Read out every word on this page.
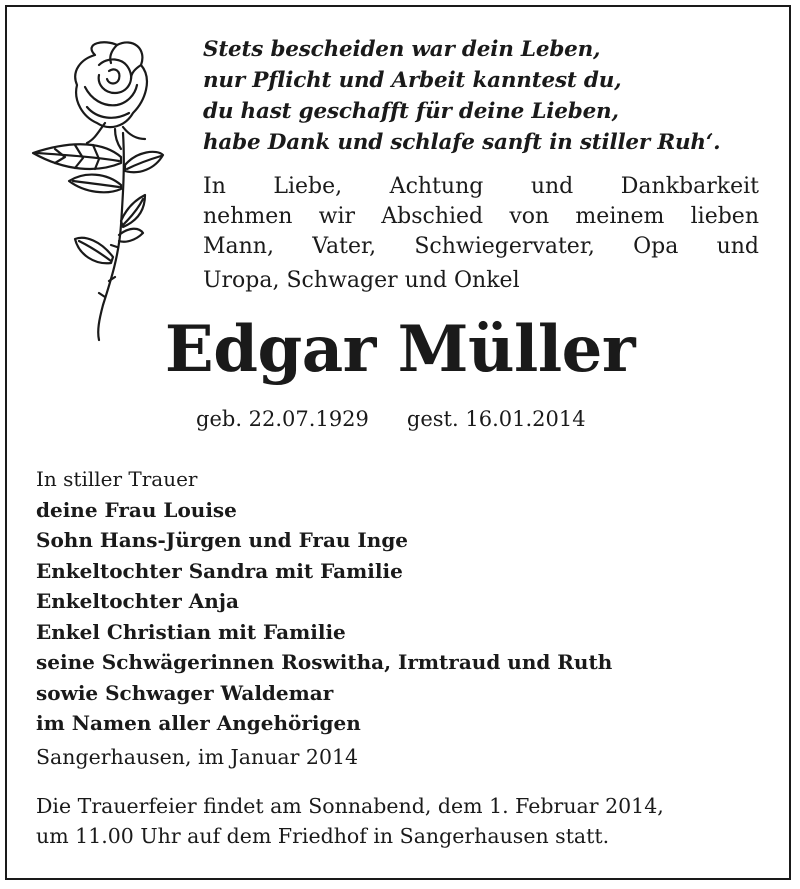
Stets bescheiden war dein Leben,
nur Pflicht und Arbeit kanntest du,
du hast geschafft für deine Lieben,
habe Dank und schlafe sanft in stiller Ruh‘.
In Liebe, Achtung und Dankbarkeit
nehmen wir Abschied von meinem lieben
Mann, Vater, Schwiegervater, Opa und
Uropa, Schwager und Onkel
Edgar Müller
geb. 22.07.1929 gest. 16.01.2014
In stiller Trauer
deine Frau Louise
Sohn Hans-Jürgen und Frau Inge
Enkeltochter Sandra mit Familie
Enkeltochter Anja
Enkel Christian mit Familie
seine Schwägerinnen Roswitha, Irmtraud und Ruth
sowie Schwager Waldemar
im Namen aller Angehörigen
Sangerhausen, im Januar 2014
Die Trauerfeier findet am Sonnabend, dem 1. Februar 2014,
um 11.00 Uhr auf dem Friedhof in Sangerhausen statt.
